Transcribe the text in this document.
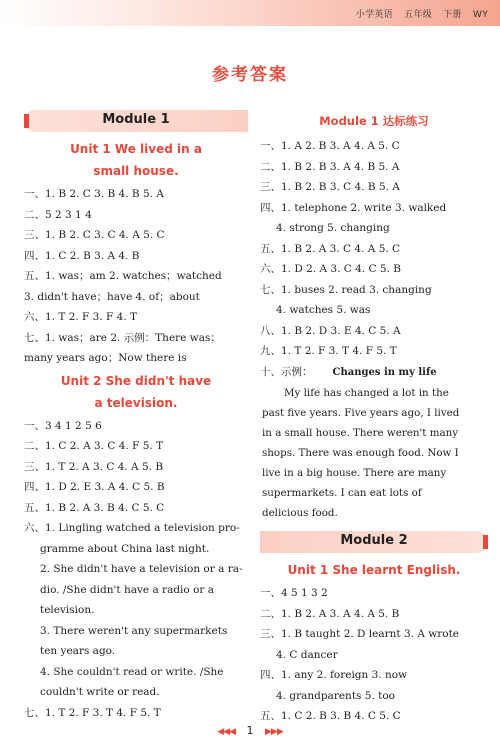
小学英语 五年级 下册 WY
参考答案
Module 1
Unit 1 We lived in a
small house.
一、1. B 2. C 3. B 4. B 5. A
二、5 2 3 1 4
三、1. B 2. C 3. C 4. A 5. C
四、1. C 2. B 3. A 4. B
五、1. was；am 2. watches；watched
3. didn't have；have 4. of；about
六、1. T 2. F 3. F 4. T
七、1. was；are 2. 示例：There was；
many years ago；Now there is
Unit 2 She didn't have
a television.
一、3 4 1 2 5 6
二、1. C 2. A 3. C 4. F 5. T
三、1. T 2. A 3. C 4. A 5. B
四、1. D 2. E 3. A 4. C 5. B
五、1. B 2. A 3. B 4. C 5. C
六、1. Lingling watched a television pro-
gramme about China last night.
2. She didn't have a television or a ra-
dio. /She didn't have a radio or a
television.
3. There weren't any supermarkets
ten years ago.
4. She couldn't read or write. /She
couldn't write or read.
七、1. T 2. F 3. T 4. F 5. T
Module 1 达标练习
一、1. A 2. B 3. A 4. A 5. C
二、1. B 2. B 3. A 4. B 5. A
三、1. B 2. B 3. C 4. B 5. A
四、1. telephone 2. write 3. walked
4. strong 5. changing
五、1. B 2. A 3. C 4. A 5. C
六、1. D 2. A 3. C 4. C 5. B
七、1. buses 2. read 3. changing
4. watches 5. was
八、1. B 2. D 3. E 4. C 5. A
九、1. T 2. F 3. T 4. F 5. T
十、示例： Changes in my life
My life has changed a lot in the
past five years. Five years ago, I lived
in a small house. There weren't many
shops. There was enough food. Now I
live in a big house. There are many
supermarkets. I can eat lots of
delicious food.
Module 2
Unit 1 She learnt English.
一、4 5 1 3 2
二、1. B 2. A 3. A 4. A 5. B
三、1. B taught 2. D learnt 3. A wrote
4. C dancer
四、1. any 2. foreign 3. now
4. grandparents 5. too
五、1. C 2. B 3. B 4. C 5. C
◀◀◀ 1 ▶▶▶
